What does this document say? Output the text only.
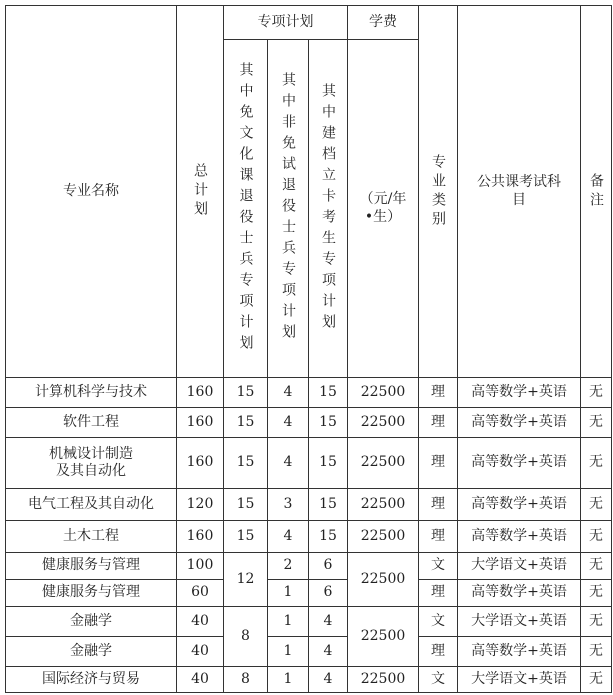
专业名称	总计划	专项计划			学费	专业类别	公共课考试科目	备注

		其中免文化课退役士兵专项计划	其中非免试退役士兵专项计划	其中建档立卡考生专项计划	（元/年•生）			

计算机科学与技术	160	15	4	15	22500	理	高等数学+英语	无
软件工程	160	15	4	15	22500	理	高等数学+英语	无

机械设计制造及其自动化	160	15	4	15	22500	理	高等数学+英语	无
电气工程及其自动化	120	15	3	15	22500	理	高等数学+英语	无
土木工程	160	15	4	15	22500	理	高等数学+英语	无
健康服务与管理	100	12	2	6	22500	文	大学语文+英语	无
健康服务与管理	60		1	6		理	高等数学+英语	无
金融学	40	8	1	4	22500	文	大学语文+英语	无
金融学	40		1	4		理	高等数学+英语	无
国际经济与贸易	40	8	1	4	22500	文	大学语文+英语	无
